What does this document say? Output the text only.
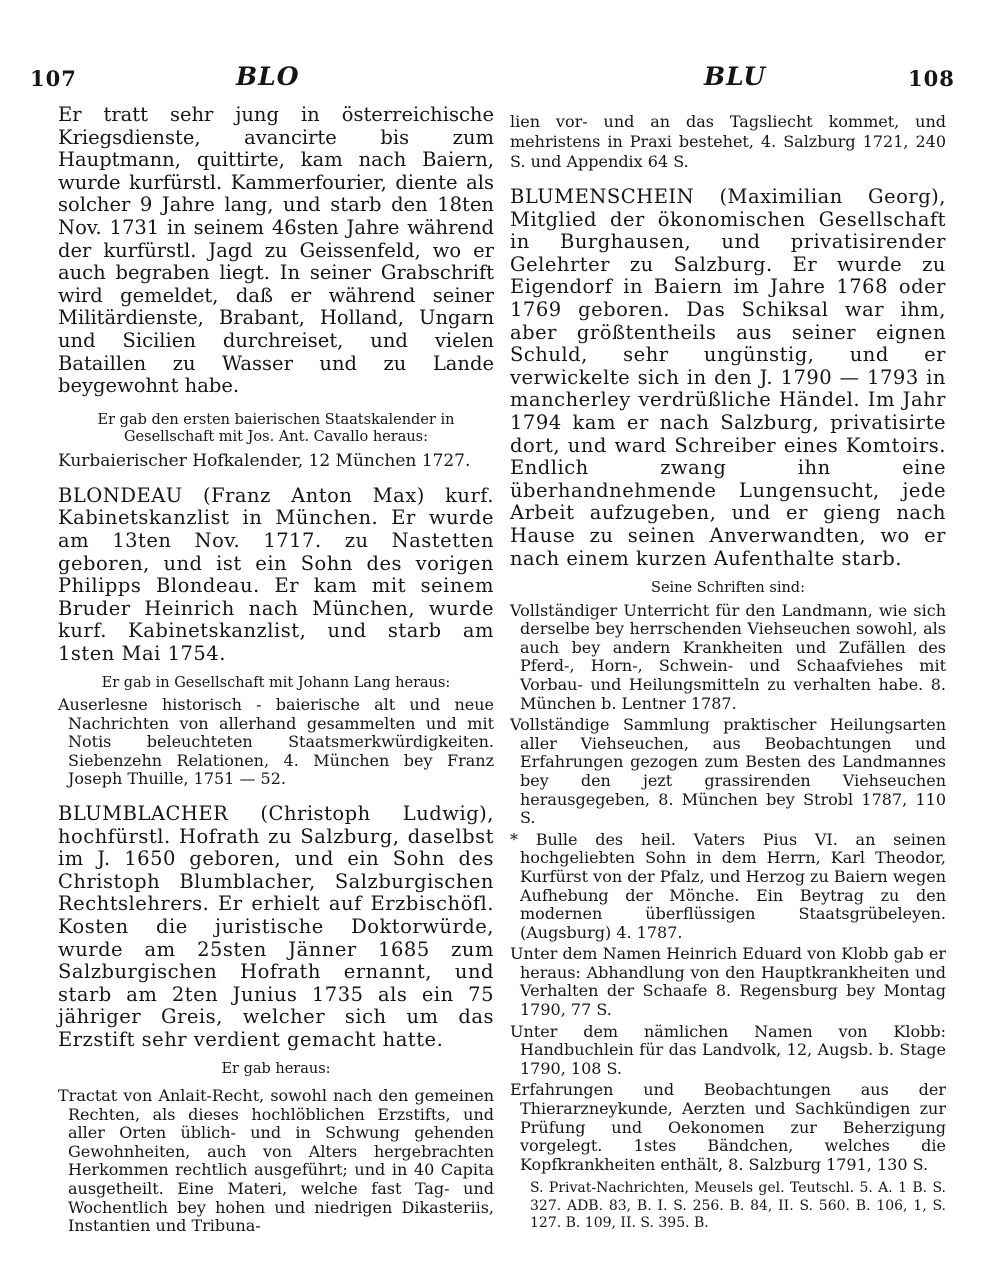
107	BLO	BLU	108

Er tratt sehr jung in österreichische Kriegsdienste, avancirte bis zum Hauptmann, quittirte, kam nach Baiern, wurde kurfürstl. Kammerfourier, diente als solcher 9 Jahre lang, und starb den 18ten Nov. 1731 in seinem 46sten Jahre während der kurfürstl. Jagd zu Geissenfeld, wo er auch begraben liegt. In seiner Grabschrift wird gemeldet, daß er während seiner Militärdienste, Brabant, Holland, Ungarn und Sicilien durchreiset, und vielen Bataillen zu Wasser und zu Lande beygewohnt habe.

Er gab den ersten baierischen Staatskalender in Gesellschaft mit Jos. Ant. Cavallo heraus:

Kurbaierischer Hofkalender, 12 München 1727.

BLONDEAU (Franz Anton Max) kurf. Kabinetskanzlist in München. Er wurde am 13ten Nov. 1717. zu Nastetten geboren, und ist ein Sohn des vorigen Philipps Blondeau. Er kam mit seinem Bruder Heinrich nach München, wurde kurf. Kabinetskanzlist, und starb am 1sten Mai 1754.

Er gab in Gesellschaft mit Johann Lang heraus:

Auserlesne historisch - baierische alt und neue Nachrichten von allerhand gesammelten und mit Notis beleuchteten Staatsmerkwürdigkeiten. Siebenzehn Relationen, 4. München bey Franz Joseph Thuille, 1751 — 52.

BLUMBLACHER (Christoph Ludwig), hochfürstl. Hofrath zu Salzburg, daselbst im J. 1650 geboren, und ein Sohn des Christoph Blumblacher, Salzburgischen Rechtslehrers. Er erhielt auf Erzbischöfl. Kosten die juristische Doktorwürde, wurde am 25sten Jänner 1685 zum Salzburgischen Hofrath ernannt, und starb am 2ten Junius 1735 als ein 75 jähriger Greis, welcher sich um das Erzstift sehr verdient gemacht hatte.

Er gab heraus:

Tractat von Anlait-Recht, sowohl nach den gemeinen Rechten, als dieses hochlöblichen Erzstifts, und aller Orten üblich- und in Schwung gehenden Gewohnheiten, auch von Alters hergebrachten Herkommen rechtlich ausgeführt; und in 40 Capita ausgetheilt. Eine Materi, welche fast Tag- und Wochentlich bey hohen und niedrigen Dikasteriis, Instantien und Tribuna-

lien vor- und an das Tagsliecht kommet, und mehristens in Praxi bestehet, 4. Salzburg 1721, 240 S. und Appendix 64 S.

BLUMENSCHEIN (Maximilian Georg), Mitglied der ökonomischen Gesellschaft in Burghausen, und privatisirender Gelehrter zu Salzburg. Er wurde zu Eigendorf in Baiern im Jahre 1768 oder 1769 geboren. Das Schiksal war ihm, aber größtentheils aus seiner eignen Schuld, sehr ungünstig, und er verwickelte sich in den J. 1790 — 1793 in mancherley verdrüßliche Händel. Im Jahr 1794 kam er nach Salzburg, privatisirte dort, und ward Schreiber eines Komtoirs. Endlich zwang ihn eine überhandnehmende Lungensucht, jede Arbeit aufzugeben, und er gieng nach Hause zu seinen Anverwandten, wo er nach einem kurzen Aufenthalte starb.

Seine Schriften sind:

Vollständiger Unterricht für den Landmann, wie sich derselbe bey herrschenden Viehseuchen sowohl, als auch bey andern Krankheiten und Zufällen des Pferd-, Horn-, Schwein- und Schaafviehes mit Vorbau- und Heilungsmitteln zu verhalten habe. 8. München b. Lentner 1787.

Vollständige Sammlung praktischer Heilungsarten aller Viehseuchen, aus Beobachtungen und Erfahrungen gezogen zum Besten des Landmannes bey den jezt grassirenden Viehseuchen herausgegeben, 8. München bey Strobl 1787, 110 S.

* Bulle des heil. Vaters Pius VI. an seinen hochgeliebten Sohn in dem Herrn, Karl Theodor, Kurfürst von der Pfalz, und Herzog zu Baiern wegen Aufhebung der Mönche. Ein Beytrag zu den modernen überflüssigen Staatsgrübeleyen. (Augsburg) 4. 1787.

Unter dem Namen Heinrich Eduard von Klobb gab er heraus: Abhandlung von den Hauptkrankheiten und Verhalten der Schaafe 8. Regensburg bey Montag 1790, 77 S.

Unter dem nämlichen Namen von Klobb: Handbuchlein für das Landvolk, 12, Augsb. b. Stage 1790, 108 S.

Erfahrungen und Beobachtungen aus der Thierarzneykunde, Aerzten und Sachkündigen zur Prüfung und Oekonomen zur Beherzigung vorgelegt. 1stes Bändchen, welches die Kopfkrankheiten enthält, 8. Salzburg 1791, 130 S.

S. Privat-Nachrichten, Meusels gel. Teutschl. 5. A. 1 B. S. 327. ADB. 83, B. I. S. 256. B. 84, II. S. 560. B. 106, 1, S. 127. B. 109, II. S. 395. B.
